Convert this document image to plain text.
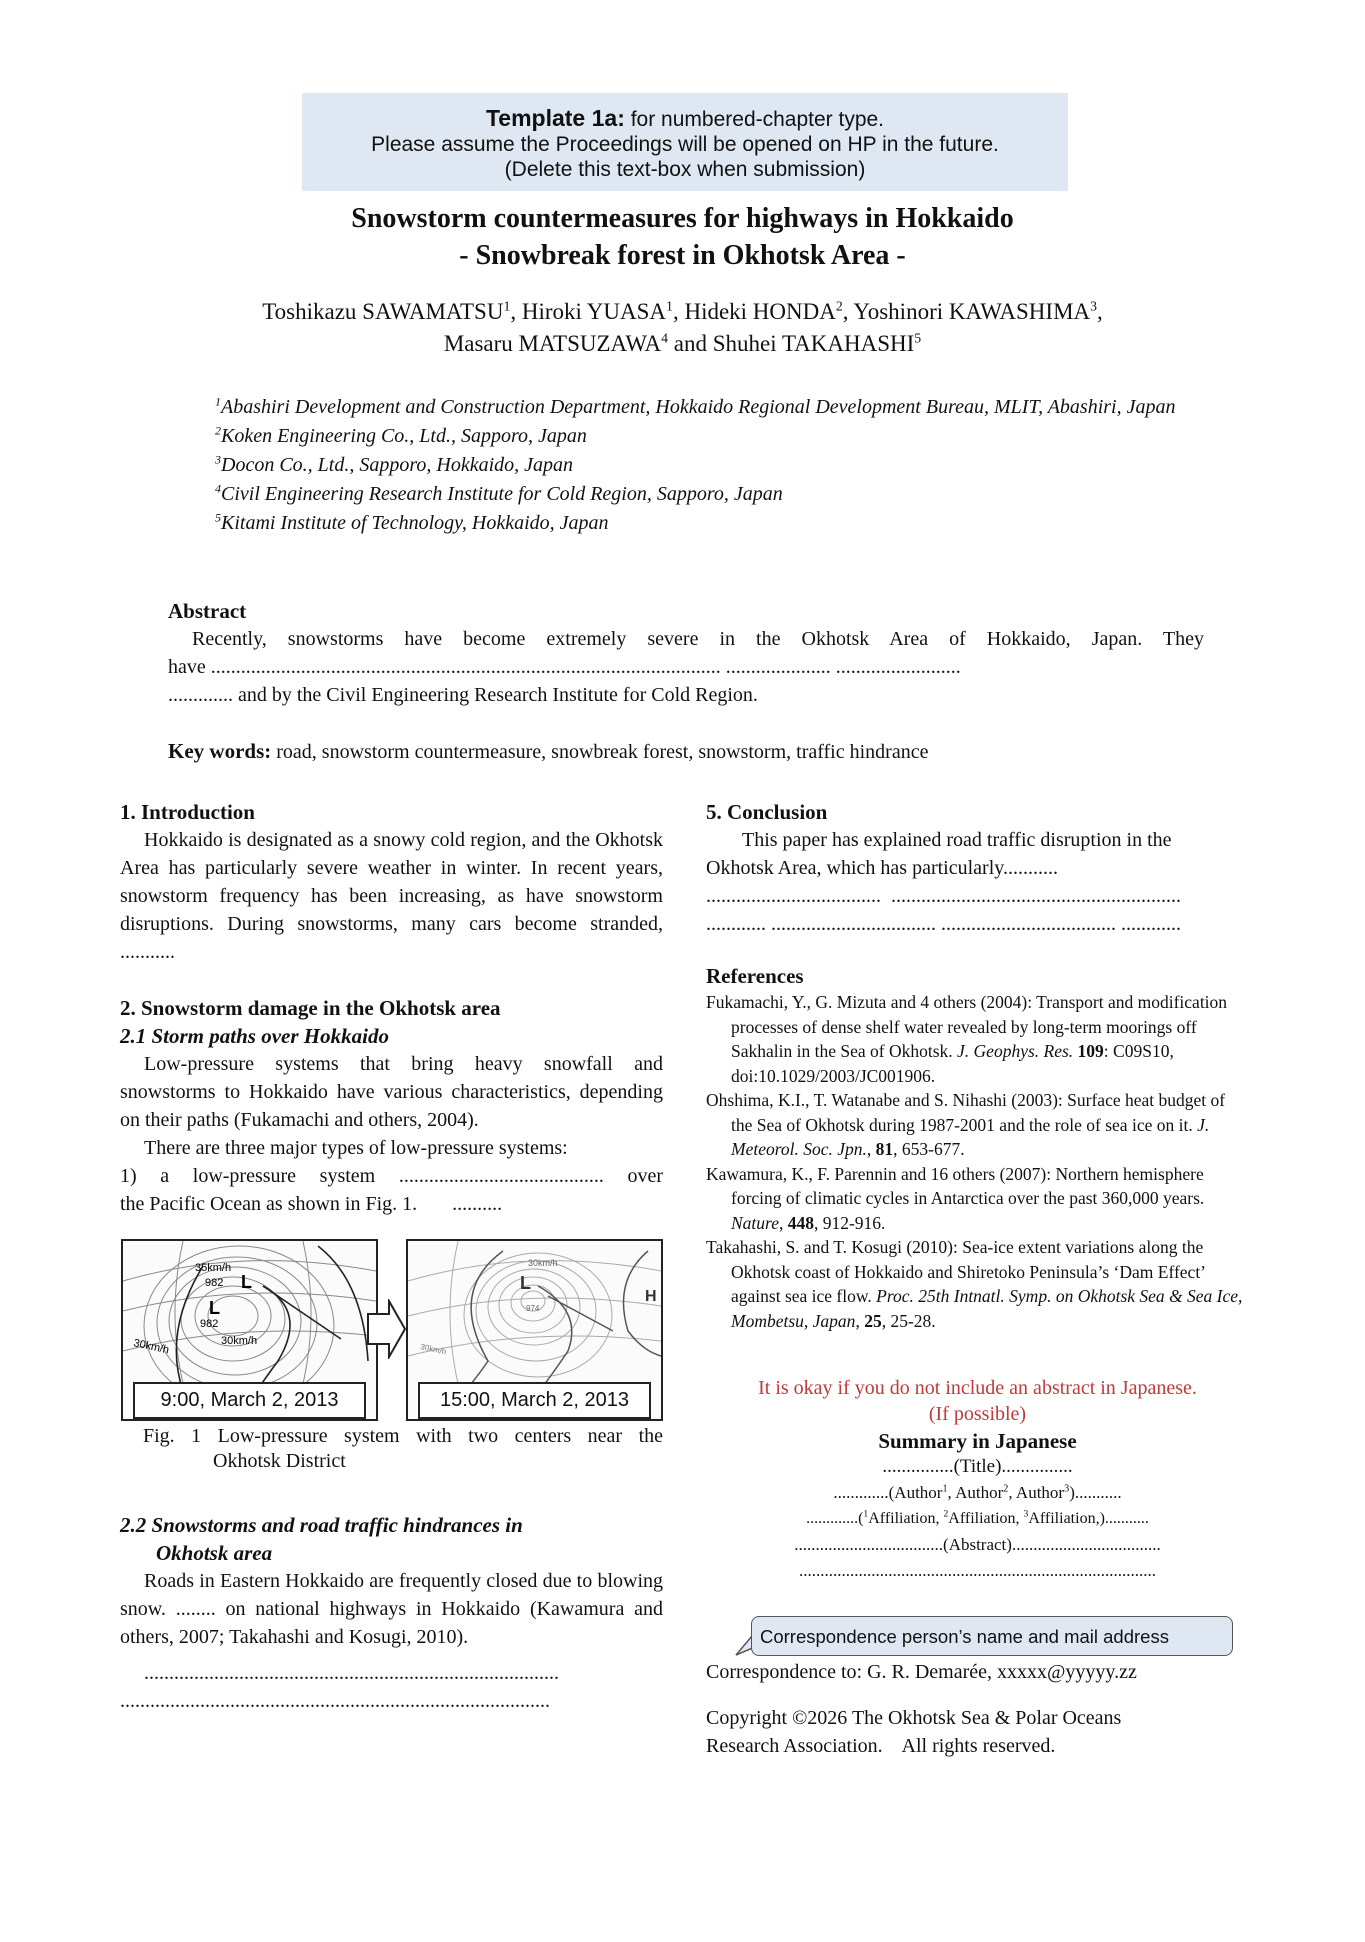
Template 1a: for numbered-chapter type.
Please assume the Proceedings will be opened on HP in the future.
(Delete this text-box when submission)
Snowstorm countermeasures for highways in Hokkaido
- Snowbreak forest in Okhotsk Area -
Toshikazu SAWAMATSU$^1$, Hiroki YUASA$^1$, Hideki HONDA$^2$, Yoshinori KAWASHIMA$^3$,
Masaru MATSUZAWA$^4$ and Shuhei TAKAHASHI$^5$
$^1$Abashiri Development and Construction Department, Hokkaido Regional Development Bureau, MLIT, Abashiri, Japan
$^2$Koken Engineering Co., Ltd., Sapporo, Japan
$^3$Docon Co., Ltd., Sapporo, Hokkaido, Japan
$^4$Civil Engineering Research Institute for Cold Region, Sapporo, Japan
$^5$Kitami Institute of Technology, Hokkaido, Japan
Abstract
Recently, snowstorms have become extremely severe in the Okhotsk Area of Hokkaido, Japan. They
have ...................................................................................................... ..................... .........................
............. and by the Civil Engineering Research Institute for Cold Region.
Key words: road, snowstorm countermeasure, snowbreak forest, snowstorm, traffic hindrance
1. Introduction
Hokkaido is designated as a snowy cold region, and the Okhotsk Area has particularly severe weather in winter. In recent years, snowstorm frequency has been increasing, as have snowstorm disruptions. During snowstorms, many cars become stranded, ...........
2. Snowstorm damage in the Okhotsk area
2.1 Storm paths over Hokkaido
Low-pressure systems that bring heavy snowfall and snowstorms to Hokkaido have various characteristics, depending on their paths (Fukamachi and others, 2004).
There are three major types of low-pressure systems:
1) a low-pressure system ......................................... over
the Pacific Ocean as shown in Fig. 1.       ..........
35km/h
982 L
L
982
30km/h
30km/h
9:00, March 2, 2013
30km/h
L
974
H
30km/h
15:00, March 2, 2013
Fig. 1 Low-pressure system with two centers near the
Okhotsk District
2.2 Snowstorms and road traffic hindrances in
Okhotsk area
Roads in Eastern Hokkaido are frequently closed due to blowing snow. ........ on national highways in Hokkaido (Kawamura and others, 2007; Takahashi and Kosugi, 2010).
...................................................................................
......................................................................................
5. Conclusion
This paper has explained road traffic disruption in the
Okhotsk Area, which has particularly...........
...................................  ..........................................................
............ ................................. ................................... ............
References
Fukamachi, Y., G. Mizuta and 4 others (2004): Transport and modification processes of dense shelf water revealed by long-term moorings off Sakhalin in the Sea of Okhotsk. J. Geophys. Res. 109: C09S10, doi:10.1029/2003/JC001906.
Ohshima, K.I., T. Watanabe and S. Nihashi (2003): Surface heat budget of the Sea of Okhotsk during 1987-2001 and the role of sea ice on it. J. Meteorol. Soc. Jpn., 81, 653-677.
Kawamura, K., F. Parennin and 16 others (2007): Northern hemisphere forcing of climatic cycles in Antarctica over the past 360,000 years. Nature, 448, 912-916.
Takahashi, S. and T. Kosugi (2010): Sea-ice extent variations along the Okhotsk coast of Hokkaido and Shiretoko Peninsula’s ‘Dam Effect’ against sea ice flow. Proc. 25th Intnatl. Symp. on Okhotsk Sea & Sea Ice, Mombetsu, Japan, 25, 25-28.
It is okay if you do not include an abstract in Japanese.
(If possible)
Summary in Japanese
...............(Title)...............
.............(Author$^1$, Author$^2$, Author$^3$)...........
.............($^1$Affiliation, $^2$Affiliation, $^3$Affiliation,)...........
...................................(Abstract)...................................
....................................................................................
Correspondence person’s name and mail address
Correspondence to: G. R. Demarée, xxxxx@yyyyy.zz
Copyright ©2026 The Okhotsk Sea & Polar Oceans
Research Association.    All rights reserved.
